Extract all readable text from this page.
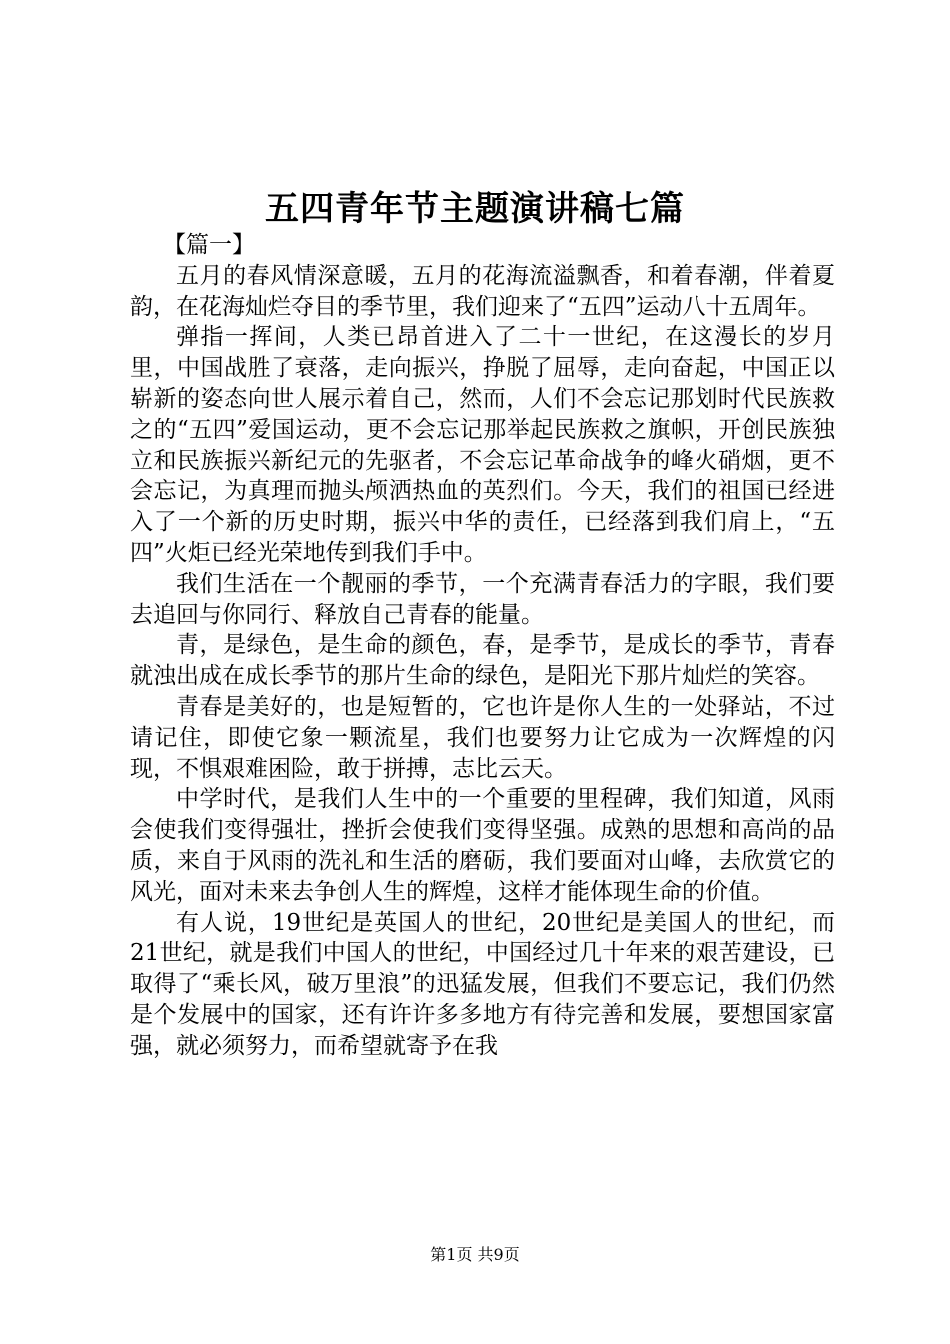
五四青年节主题演讲稿七篇

【篇一】

五月的春风情深意暖，五月的花海流溢飘香，和着春潮，伴着夏韵，在花海灿烂夺目的季节里，我们迎来了“五四”运动八十五周年。

弹指一挥间，人类已昂首进入了二十一世纪，在这漫长的岁月里，中国战胜了衰落，走向振兴，挣脱了屈辱，走向奋起，中国正以崭新的姿态向世人展示着自己，然而，人们不会忘记那划时代民族救之的“五四”爱国运动，更不会忘记那举起民族救之旗帜，开创民族独立和民族振兴新纪元的先驱者，不会忘记革命战争的峰火硝烟，更不会忘记，为真理而抛头颅洒热血的英烈们。今天，我们的祖国已经进入了一个新的历史时期，振兴中华的责任，已经落到我们肩上，“五四”火炬已经光荣地传到我们手中。

我们生活在一个靓丽的季节，一个充满青春活力的字眼，我们要去追回与你同行、释放自己青春的能量。

青，是绿色，是生命的颜色，春，是季节，是成长的季节，青春就浊出成在成长季节的那片生命的绿色，是阳光下那片灿烂的笑容。

青春是美好的，也是短暂的，它也许是你人生的一处驿站，不过请记住，即使它象一颗流星，我们也要努力让它成为一次辉煌的闪现，不惧艰难困险，敢于拼搏，志比云天。

中学时代，是我们人生中的一个重要的里程碑，我们知道，风雨会使我们变得强壮，挫折会使我们变得坚强。成熟的思想和高尚的品质，来自于风雨的洗礼和生活的磨砺，我们要面对山峰，去欣赏它的风光，面对未来去争创人生的辉煌，这样才能体现生命的价值。

有人说，19世纪是英国人的世纪，20世纪是美国人的世纪，而21世纪，就是我们中国人的世纪，中国经过几十年来的艰苦建设，已取得了“乘长风，破万里浪”的迅猛发展，但我们不要忘记，我们仍然是个发展中的国家，还有许许多多地方有待完善和发展，要想国家富强，就必须努力，而希望就寄予在我

第1页 共9页
